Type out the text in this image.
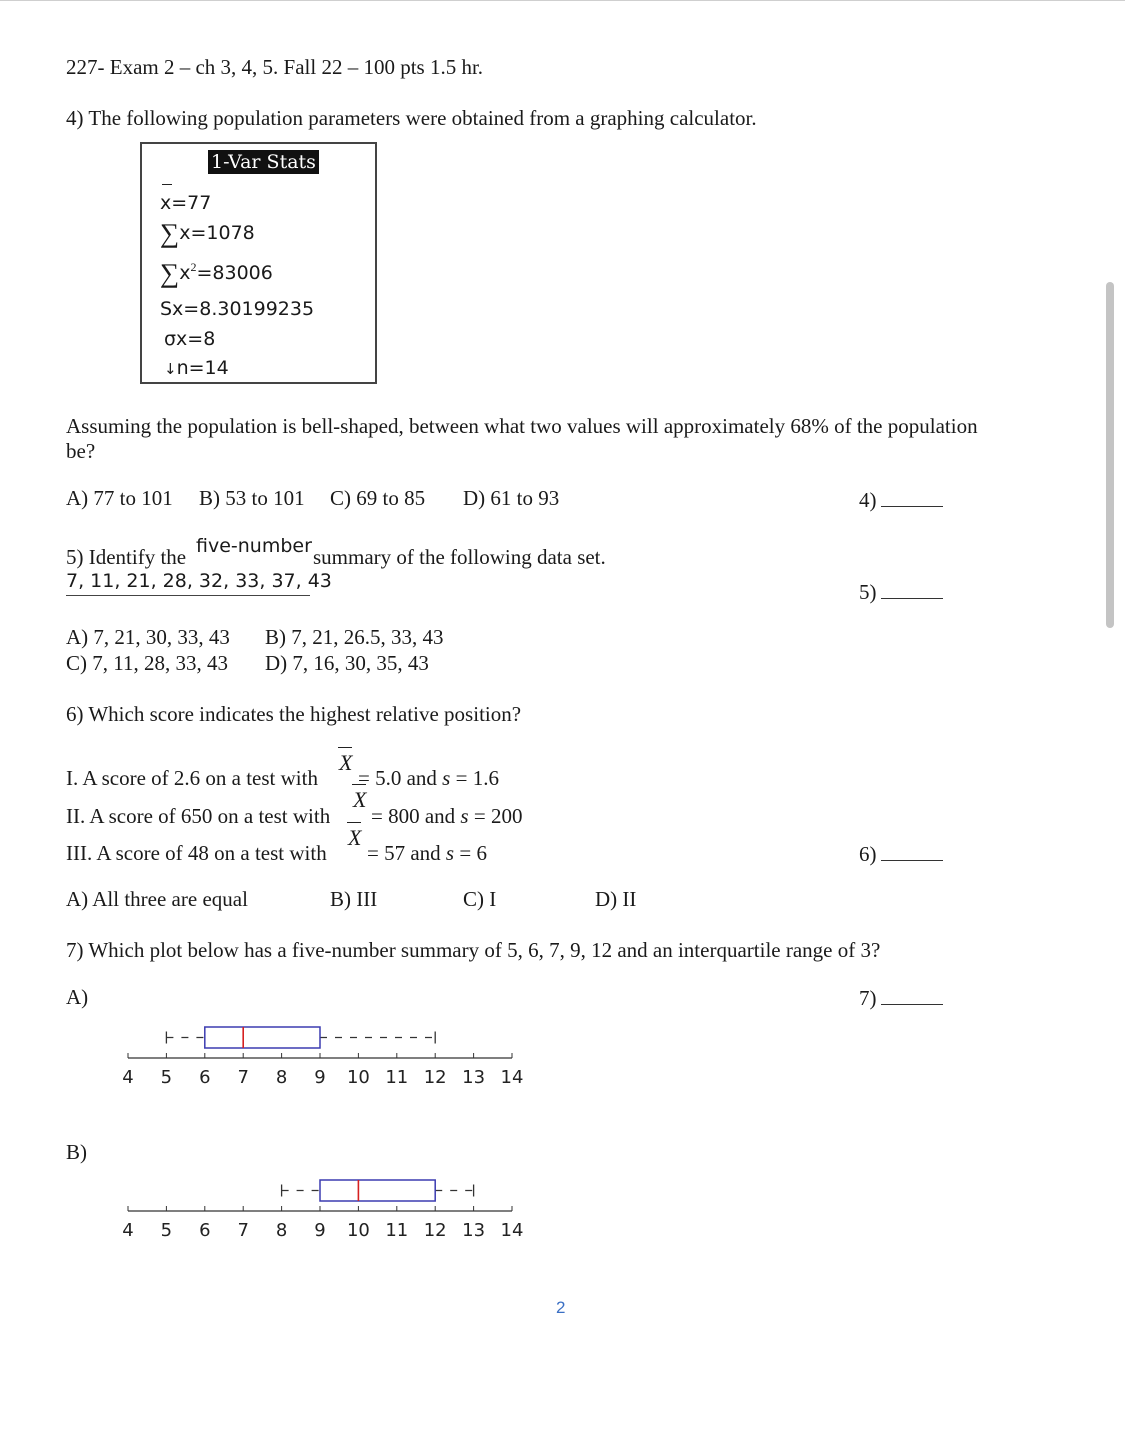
227- Exam 2 – ch 3, 4, 5. Fall 22 – 100 pts 1.5 hr.
4) The following population parameters were obtained from a graphing calculator.
1-Var Stats
x=77
∑x=1078
$\sum x^2=83006$
Sx=8.30199235
σx=8
↓n=14
Assuming the population is bell-shaped, between what two values will approximately 68% of the population
be?
A) 77 to 101 B) 53 to 101 C) 69 to 85 D) 61 to 93	4)
5) Identify the five-number summary of the following data set.
7, 11, 21, 28, 32, 33, 37, 43	5)
A) 7, 21, 30, 33, 43 B) 7, 21, 26.5, 33, 43
C) 7, 11, 28, 33, 43 D) 7, 16, 30, 35, 43
6) Which score indicates the highest relative position?
I. A score of 2.6 on a test with
X
= 5.0 and s = 1.6
II. A score of 650 on a test with
X
= 800 and s = 200
III. A score of 48 on a test with
X
= 57 and s = 6	6)
A) All three are equal	B) III	C) I	D) II
7) Which plot below has a five-number summary of 5, 6, 7, 9, 12 and an interquartile range of 3?
A)	7)
4 5 6 7 8 9 10 11 12 13 14
B)
4 5 6 7 8 9 10 11 12 13 14
2
